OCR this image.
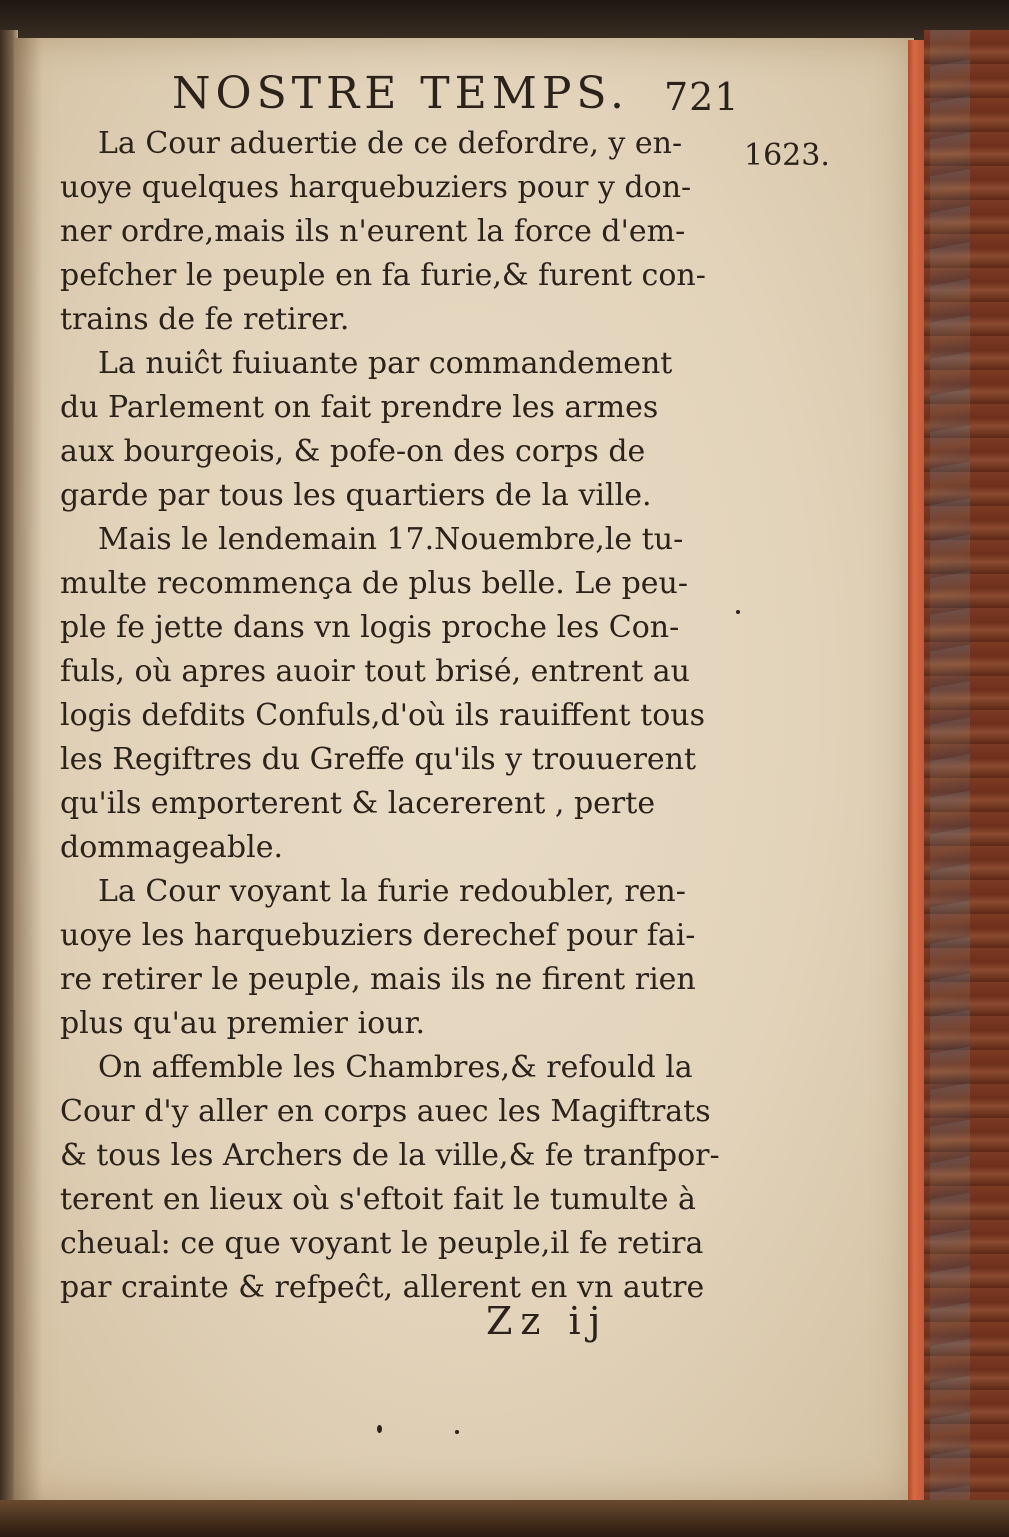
NOSTRE TEMPS. 721
1623.
La Cour aduertie de ce defordre, y en-
uoye quelques harquebuziers pour y don-
ner ordre,mais ils n'eurent la force d'em-
pefcher le peuple en fa furie,& furent con-
trains de fe retirer.
La nuiĉt fuiuante par commandement
du Parlement on fait prendre les armes
aux bourgeois, & pofe-on des corps de
garde par tous les quartiers de la ville.
Mais le lendemain 17.Nouembre,le tu-
multe recommença de plus belle. Le peu-
ple fe jette dans vn logis proche les Con-
fuls, où apres auoir tout brisé, entrent au
logis defdits Confuls,d'où ils rauiffent tous
les Regiftres du Greffe qu'ils y trouuerent
qu'ils emporterent & lacererent , perte
dommageable.
La Cour voyant la furie redoubler, ren-
uoye les harquebuziers derechef pour fai-
re retirer le peuple, mais ils ne firent rien
plus qu'au premier iour.
On affemble les Chambres,& refould la
Cour d'y aller en corps auec les Magiftrats
& tous les Archers de la ville,& fe tranfpor-
terent en lieux où s'eftoit fait le tumulte à
cheual: ce que voyant le peuple,il fe retira
par crainte & refpeĉt, allerent en vn autre
Zz ij
